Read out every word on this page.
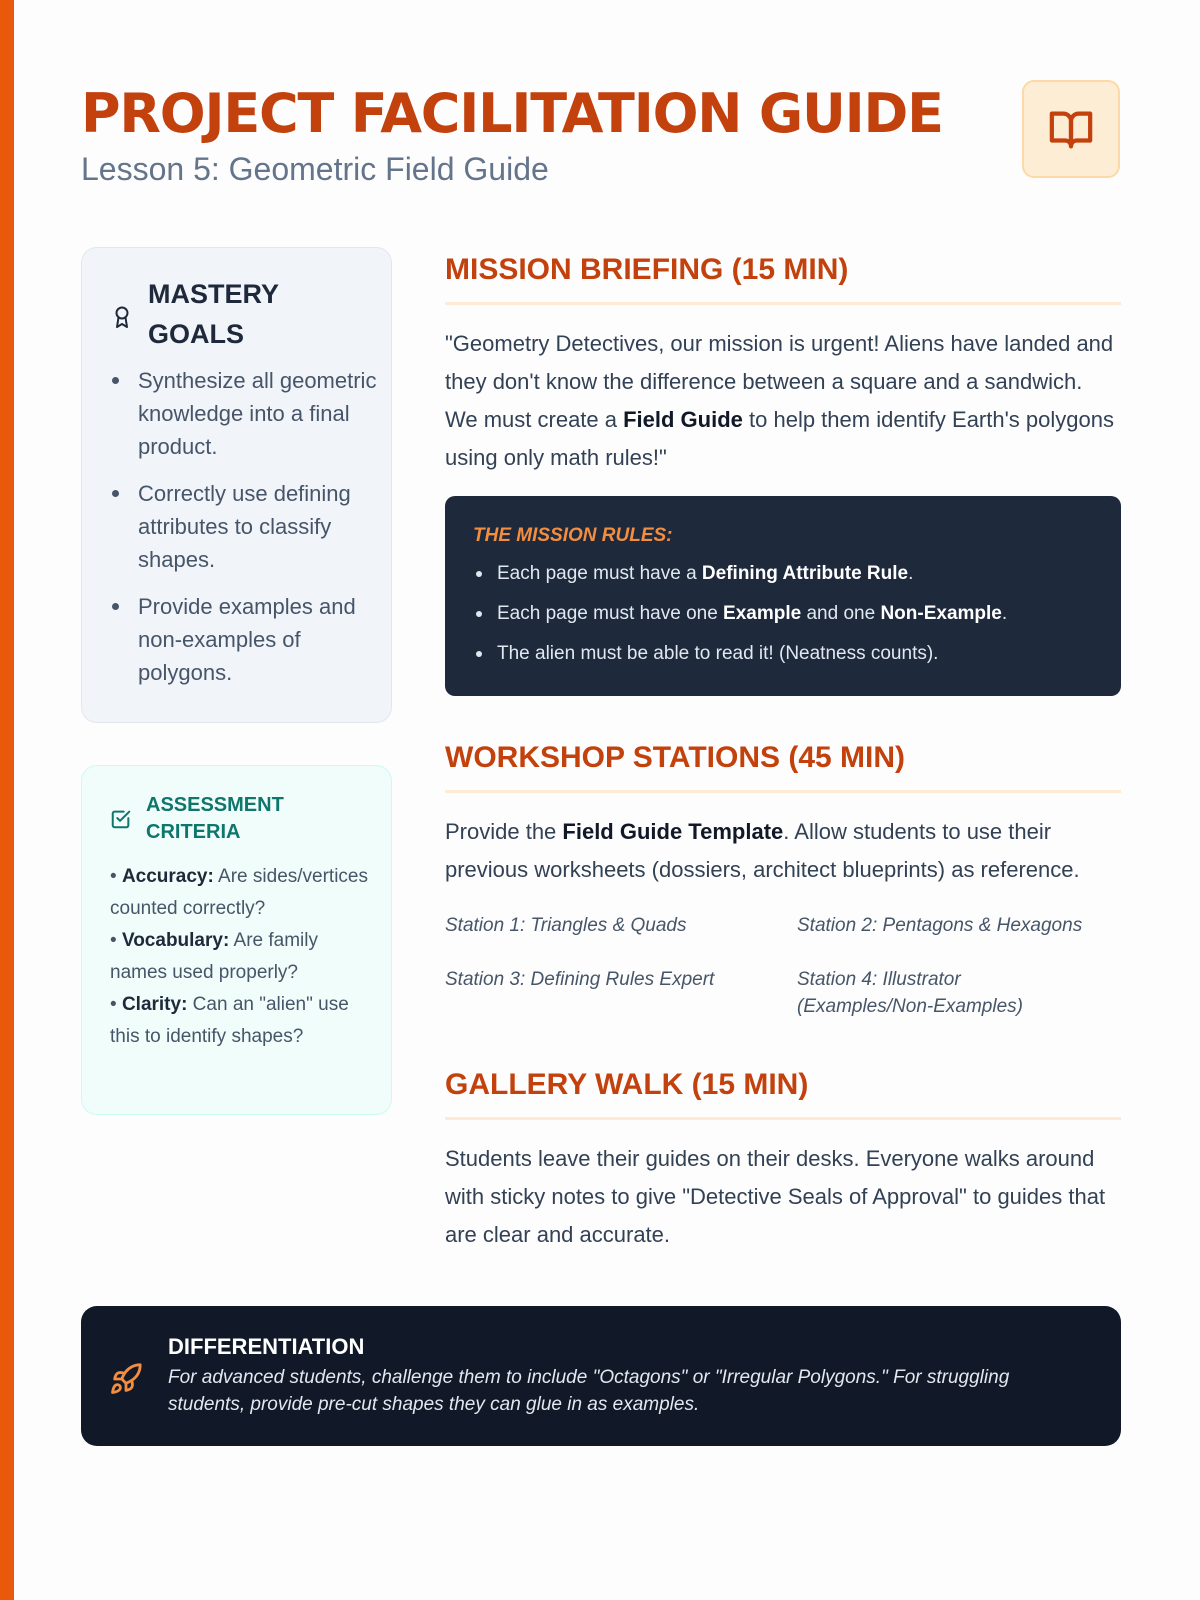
PROJECT FACILITATION GUIDE
Lesson 5: Geometric Field Guide
MASTERY GOALS
Synthesize all geometric knowledge into a final product.
Correctly use defining attributes to classify shapes.
Provide examples and non-examples of polygons.
ASSESSMENT CRITERIA

• Accuracy: Are sides/vertices counted correctly?

• Vocabulary: Are family names used properly?

• Clarity: Can an "alien" use this to identify shapes?

MISSION BRIEFING (15 MIN)

"Geometry Detectives, our mission is urgent! Aliens have landed and they don't know the difference between a square and a sandwich. We must create a Field Guide to help them identify Earth's polygons using only math rules!"

THE MISSION RULES:
Each page must have a Defining Attribute Rule.
Each page must have one Example and one Non-Example.
The alien must be able to read it! (Neatness counts).
WORKSHOP STATIONS (45 MIN)

Provide the Field Guide Template. Allow students to use their previous worksheets (dossiers, architect blueprints) as reference.

Station 1: Triangles & Quads	Station 2: Pentagons & Hexagons
Station 3: Defining Rules Expert	Station 4: Illustrator (Examples/Non-Examples)
GALLERY WALK (15 MIN)

Students leave their guides on their desks. Everyone walks around with sticky notes to give "Detective Seals of Approval" to guides that are clear and accurate.

DIFFERENTIATION
For advanced students, challenge them to include "Octagons" or "Irregular Polygons." For struggling students, provide pre-cut shapes they can glue in as examples.
